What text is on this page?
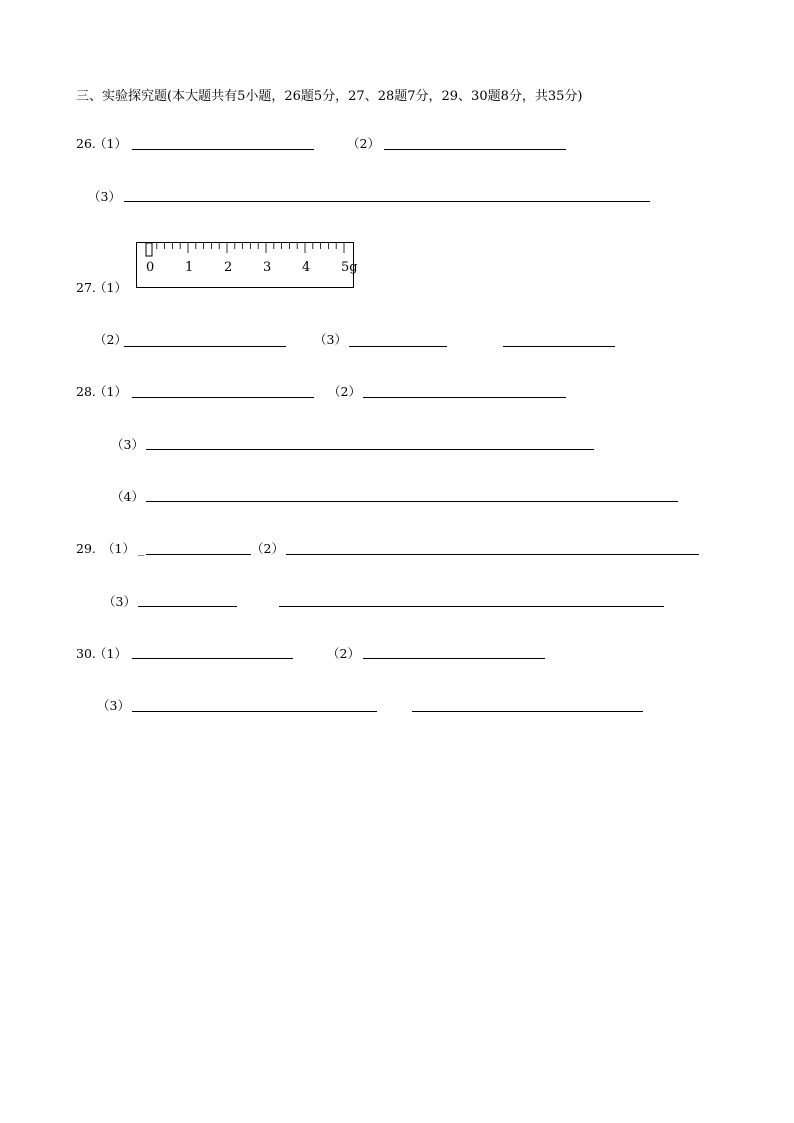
三、实验探究题(本大题共有5小题，26题5分，27、28题7分，29、30题8分，共35分)
26.
（1）	（2）
（3）
27.
（1）
0 1 2 3 4 5g
（2）	（3）
28.
（1）	（2）
（3）
（4）
29. （1） _	（2）
（3）
30.
（1）	（2）
（3）
